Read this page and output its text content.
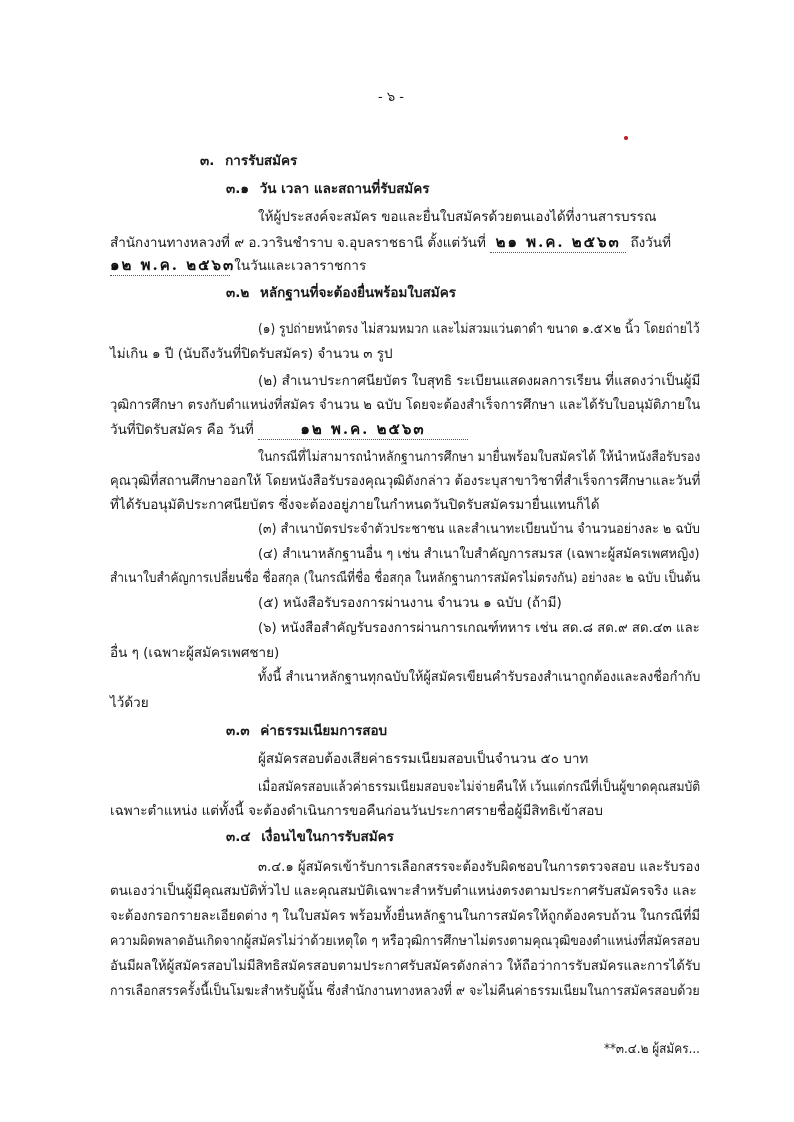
- ๖ -
๓. การรับสมัคร
๓.๑ วัน เวลา และสถานที่รับสมัคร
ให้ผู้ประสงค์จะสมัคร ขอและยื่นใบสมัครด้วยตนเองได้ที่งานสารบรรณ
สำนักงานทางหลวงที่ ๙ อ.วารินชำราบ จ.อุบลราชธานี ตั้งแต่วันที่ ๒๑ พ.ค. ๒๕๖๓ ถึงวันที่
๑๒ พ.ค. ๒๕๖๓ ในวันและเวลาราชการ
๓.๒ หลักฐานที่จะต้องยื่นพร้อมใบสมัคร
(๑) รูปถ่ายหน้าตรง ไม่สวมหมวก และไม่สวมแว่นตาดำ ขนาด ๑.๕×๒ นิ้ว โดยถ่ายไว้
ไม่เกิน ๑ ปี (นับถึงวันที่ปิดรับสมัคร) จำนวน ๓ รูป
(๒) สำเนาประกาศนียบัตร ใบสุทธิ ระเบียนแสดงผลการเรียน ที่แสดงว่าเป็นผู้มี
วุฒิการศึกษา ตรงกับตำแหน่งที่สมัคร จำนวน ๒ ฉบับ โดยจะต้องสำเร็จการศึกษา และได้รับใบอนุมัติภายใน
วันที่ปิดรับสมัคร คือ วันที่	๑๒ พ.ค. ๒๕๖๓
ในกรณีที่ไม่สามารถนำหลักฐานการศึกษา มายื่นพร้อมใบสมัครได้ ให้นำหนังสือรับรอง
คุณวุฒิที่สถานศึกษาออกให้ โดยหนังสือรับรองคุณวุฒิดังกล่าว ต้องระบุสาขาวิชาที่สำเร็จการศึกษาและวันที่
ที่ได้รับอนุมัติประกาศนียบัตร ซึ่งจะต้องอยู่ภายในกำหนดวันปิดรับสมัครมายื่นแทนก็ได้
(๓) สำเนาบัตรประจำตัวประชาชน และสำเนาทะเบียนบ้าน จำนวนอย่างละ ๒ ฉบับ
(๔) สำเนาหลักฐานอื่น ๆ เช่น สำเนาใบสำคัญการสมรส (เฉพาะผู้สมัครเพศหญิง)
สำเนาใบสำคัญการเปลี่ยนชื่อ ชื่อสกุล (ในกรณีที่ชื่อ ชื่อสกุล ในหลักฐานการสมัครไม่ตรงกัน) อย่างละ ๒ ฉบับ เป็นต้น
(๕) หนังสือรับรองการผ่านงาน จำนวน ๑ ฉบับ (ถ้ามี)
(๖) หนังสือสำคัญรับรองการผ่านการเกณฑ์ทหาร เช่น สด.๘ สด.๙ สด.๔๓ และ
อื่น ๆ (เฉพาะผู้สมัครเพศชาย)
ทั้งนี้ สำเนาหลักฐานทุกฉบับให้ผู้สมัครเขียนคำรับรองสำเนาถูกต้องและลงชื่อกำกับ
ไว้ด้วย
๓.๓ ค่าธรรมเนียมการสอบ
ผู้สมัครสอบต้องเสียค่าธรรมเนียมสอบเป็นจำนวน ๕๐ บาท
เมื่อสมัครสอบแล้วค่าธรรมเนียมสอบจะไม่จ่ายคืนให้ เว้นแต่กรณีที่เป็นผู้ขาดคุณสมบัติ
เฉพาะตำแหน่ง แต่ทั้งนี้ จะต้องดำเนินการขอคืนก่อนวันประกาศรายชื่อผู้มีสิทธิเข้าสอบ
๓.๔ เงื่อนไขในการรับสมัคร
๓.๔.๑ ผู้สมัครเข้ารับการเลือกสรรจะต้องรับผิดชอบในการตรวจสอบ และรับรอง
ตนเองว่าเป็นผู้มีคุณสมบัติทั่วไป และคุณสมบัติเฉพาะสำหรับตำแหน่งตรงตามประกาศรับสมัครจริง และ
จะต้องกรอกรายละเอียดต่าง ๆ ในใบสมัคร พร้อมทั้งยื่นหลักฐานในการสมัครให้ถูกต้องครบถ้วน ในกรณีที่มี
ความผิดพลาดอันเกิดจากผู้สมัครไม่ว่าด้วยเหตุใด ๆ หรือวุฒิการศึกษาไม่ตรงตามคุณวุฒิของตำแหน่งที่สมัครสอบ
อันมีผลให้ผู้สมัครสอบไม่มีสิทธิสมัครสอบตามประกาศรับสมัครดังกล่าว ให้ถือว่าการรับสมัครและการได้รับ
การเลือกสรรครั้งนี้เป็นโมฆะสำหรับผู้นั้น ซึ่งสำนักงานทางหลวงที่ ๙ จะไม่คืนค่าธรรมเนียมในการสมัครสอบด้วย
**๓.๔.๒ ผู้สมัคร...
